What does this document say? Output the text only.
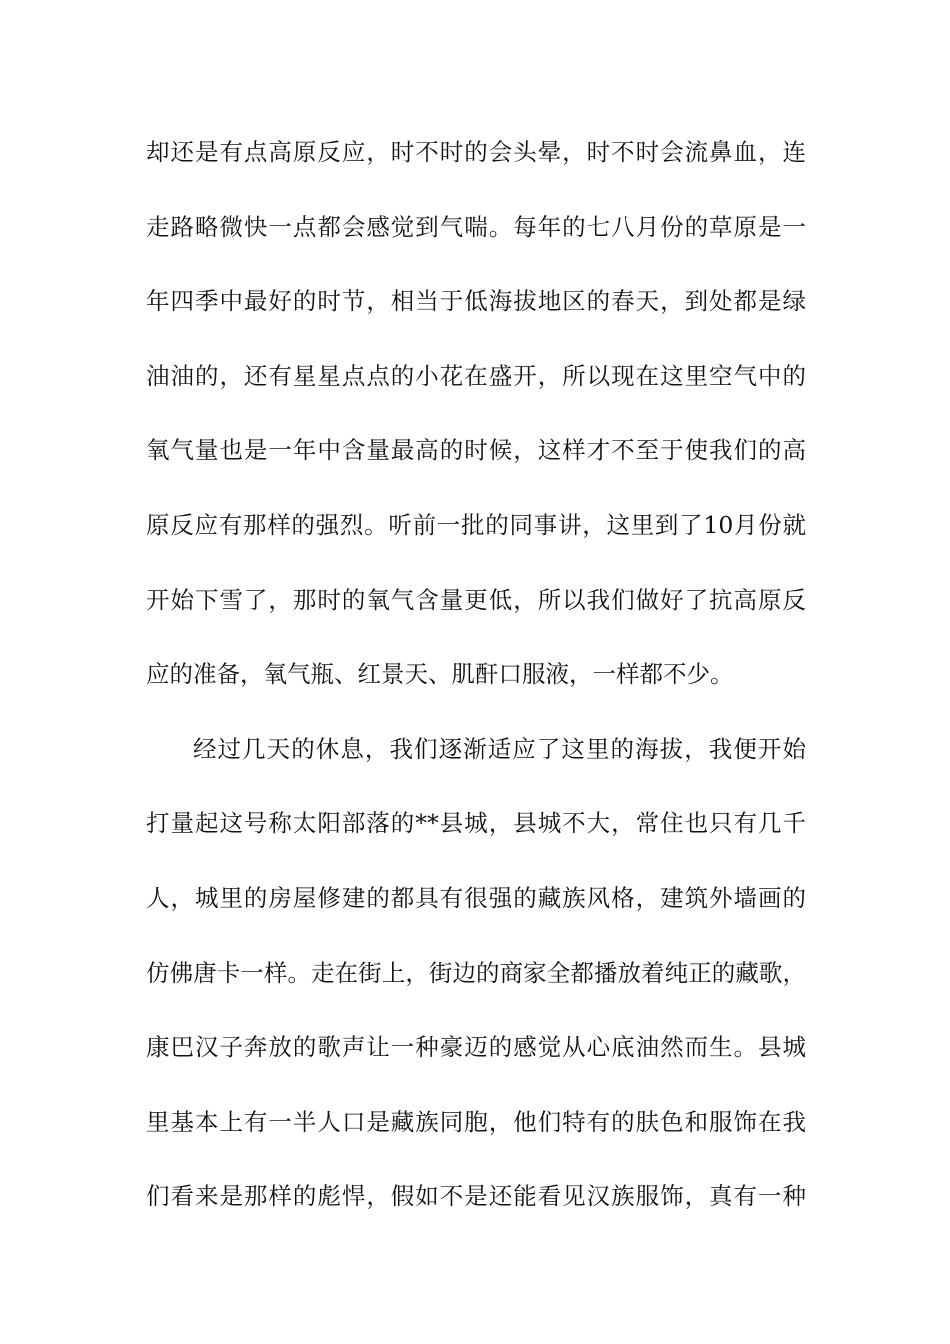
却还是有点高原反应，时不时的会头晕，时不时会流鼻血，连
走路略微快一点都会感觉到气喘。每年的七八月份的草原是一
年四季中最好的时节，相当于低海拔地区的春天，到处都是绿
油油的，还有星星点点的小花在盛开，所以现在这里空气中的
氧气量也是一年中含量最高的时候，这样才不至于使我们的高
原反应有那样的强烈。听前一批的同事讲，这里到了10月份就
开始下雪了，那时的氧气含量更低，所以我们做好了抗高原反
应的准备，氧气瓶、红景天、肌酐口服液，一样都不少。
经过几天的休息，我们逐渐适应了这里的海拔，我便开始
打量起这号称太阳部落的**县城，县城不大，常住也只有几千
人，城里的房屋修建的都具有很强的藏族风格，建筑外墙画的
仿佛唐卡一样。走在街上，街边的商家全都播放着纯正的藏歌，
康巴汉子奔放的歌声让一种豪迈的感觉从心底油然而生。县城
里基本上有一半人口是藏族同胞，他们特有的肤色和服饰在我
们看来是那样的彪悍，假如不是还能看见汉族服饰，真有一种
